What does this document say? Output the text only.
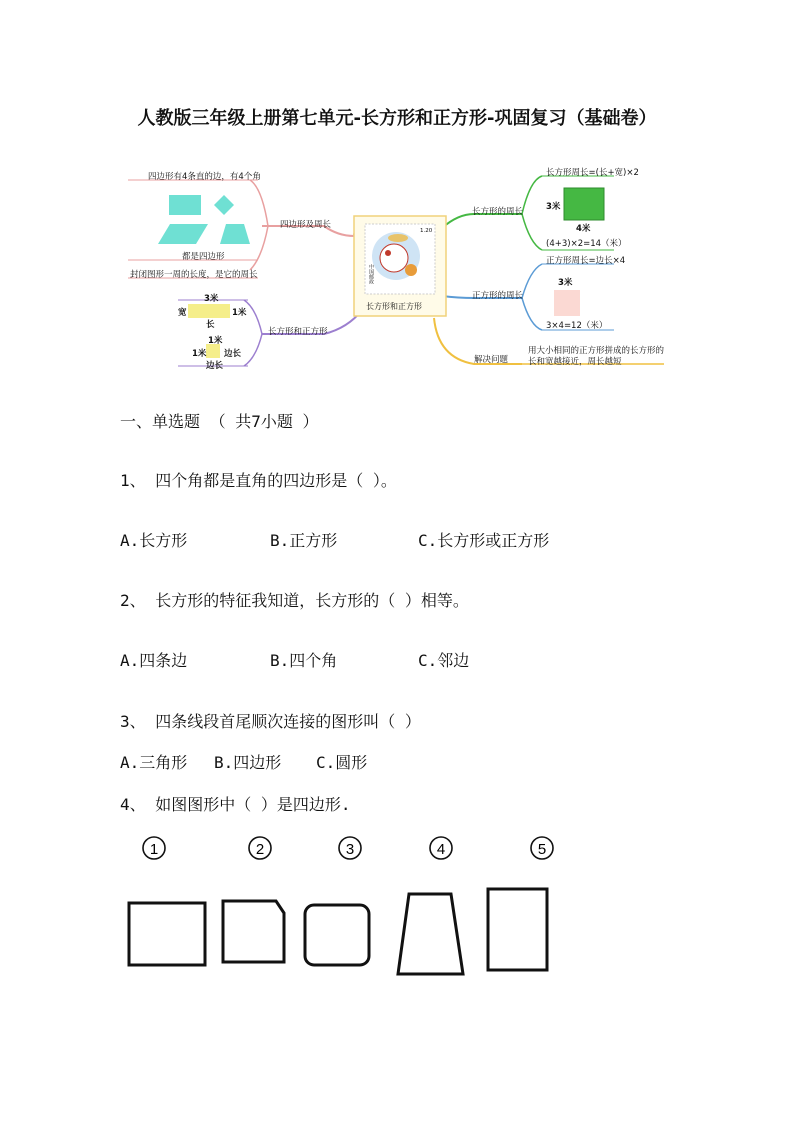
人教版三年级上册第七单元-长方形和正方形-巩固复习（基础卷）
长方形和正方形
1.20
中国邮政
四边形有4条直的边，有4个角
四边形及周长
都是四边形
封闭图形一周的长度，是它的周长
长方形和正方形
3米
宽	1米
长
1米
1米 边长
边长
长方形的周长
长方形周长=(长+宽)×2
3米
4米
(4+3)×2=14（米）
正方形的周长
正方形周长=边长×4
3米
3×4=12（米）
解决问题
用大小相同的正方形拼成的长方形的
长和宽越接近，周长越短
一、单选题 （ 共7小题 ）
1、 四个角都是直角的四边形是（ ）。
A.长方形	B.正方形	C.长方形或正方形
2、 长方形的特征我知道，长方形的（ ）相等。
A.四条边	B.四个角	C.邻边
3、 四条线段首尾顺次连接的图形叫（ ）
A.三角形 B.四边形 C.圆形
4、 如图图形中（ ）是四边形.
1	2	3	4	5
